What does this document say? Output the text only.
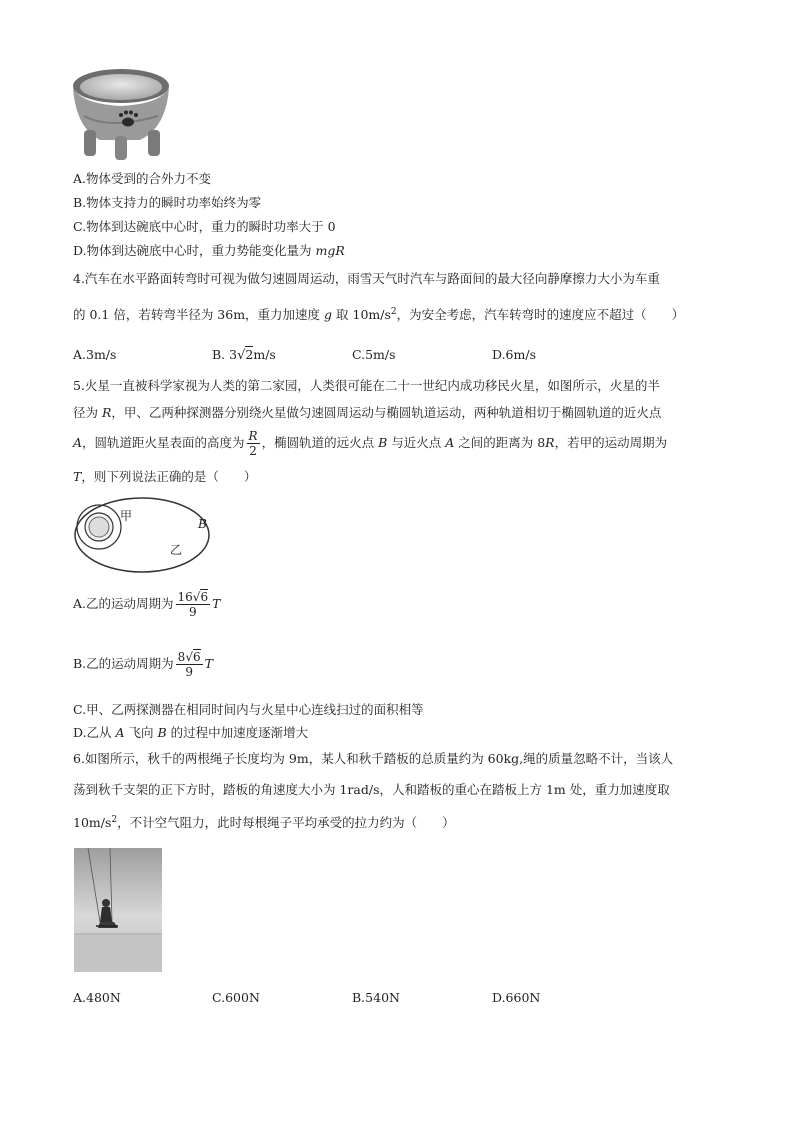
A.物体受到的合外力不变
B.物体支持力的瞬时功率始终为零
C.物体到达碗底中心时，重力的瞬时功率大于 0
D.物体到达碗底中心时，重力势能变化量为 mgR
4.汽车在水平路面转弯时可视为做匀速圆周运动，雨雪天气时汽车与路面间的最大径向静摩擦力大小为车重
的 0.1 倍，若转弯半径为 36m，重力加速度 g 取 $10m/s^2$，为安全考虑，汽车转弯时的速度应不超过（　　）
A.3m/s	B. 3√2m/s	C.5m/s	D.6m/s
5.火星一直被科学家视为人类的第二家园，人类很可能在二十一世纪内成功移民火星，如图所示，火星的半
径为 R，甲、乙两种探测器分别绕火星做匀速圆周运动与椭圆轨道运动，两种轨道相切于椭圆轨道的近火点
A，圆轨道距火星表面的高度为 $\frac{R}{2}$ ，椭圆轨道的远火点 B 与近火点 A 之间的距离为 8R，若甲的运动周期为
T，则下列说法正确的是（　　）
甲
乙
B
A.乙的运动周期为 $\frac{16√6}{9}$ T
B.乙的运动周期为 $\frac{8√6}{9}$ T
C.甲、乙两探测器在相同时间内与火星中心连线扫过的面积相等
D.乙从 A 飞向 B 的过程中加速度逐渐增大
6.如图所示，秋千的两根绳子长度均为 9m，某人和秋千踏板的总质量约为 60kg,绳的质量忽略不计，当该人
荡到秋千支架的正下方时，踏板的角速度大小为 1rad/s，人和踏板的重心在踏板上方 1m 处，重力加速度取
$10m/s^2$，不计空气阻力，此时每根绳子平均承受的拉力约为（　　）
A.480N	C.600N	B.540N	D.660N
